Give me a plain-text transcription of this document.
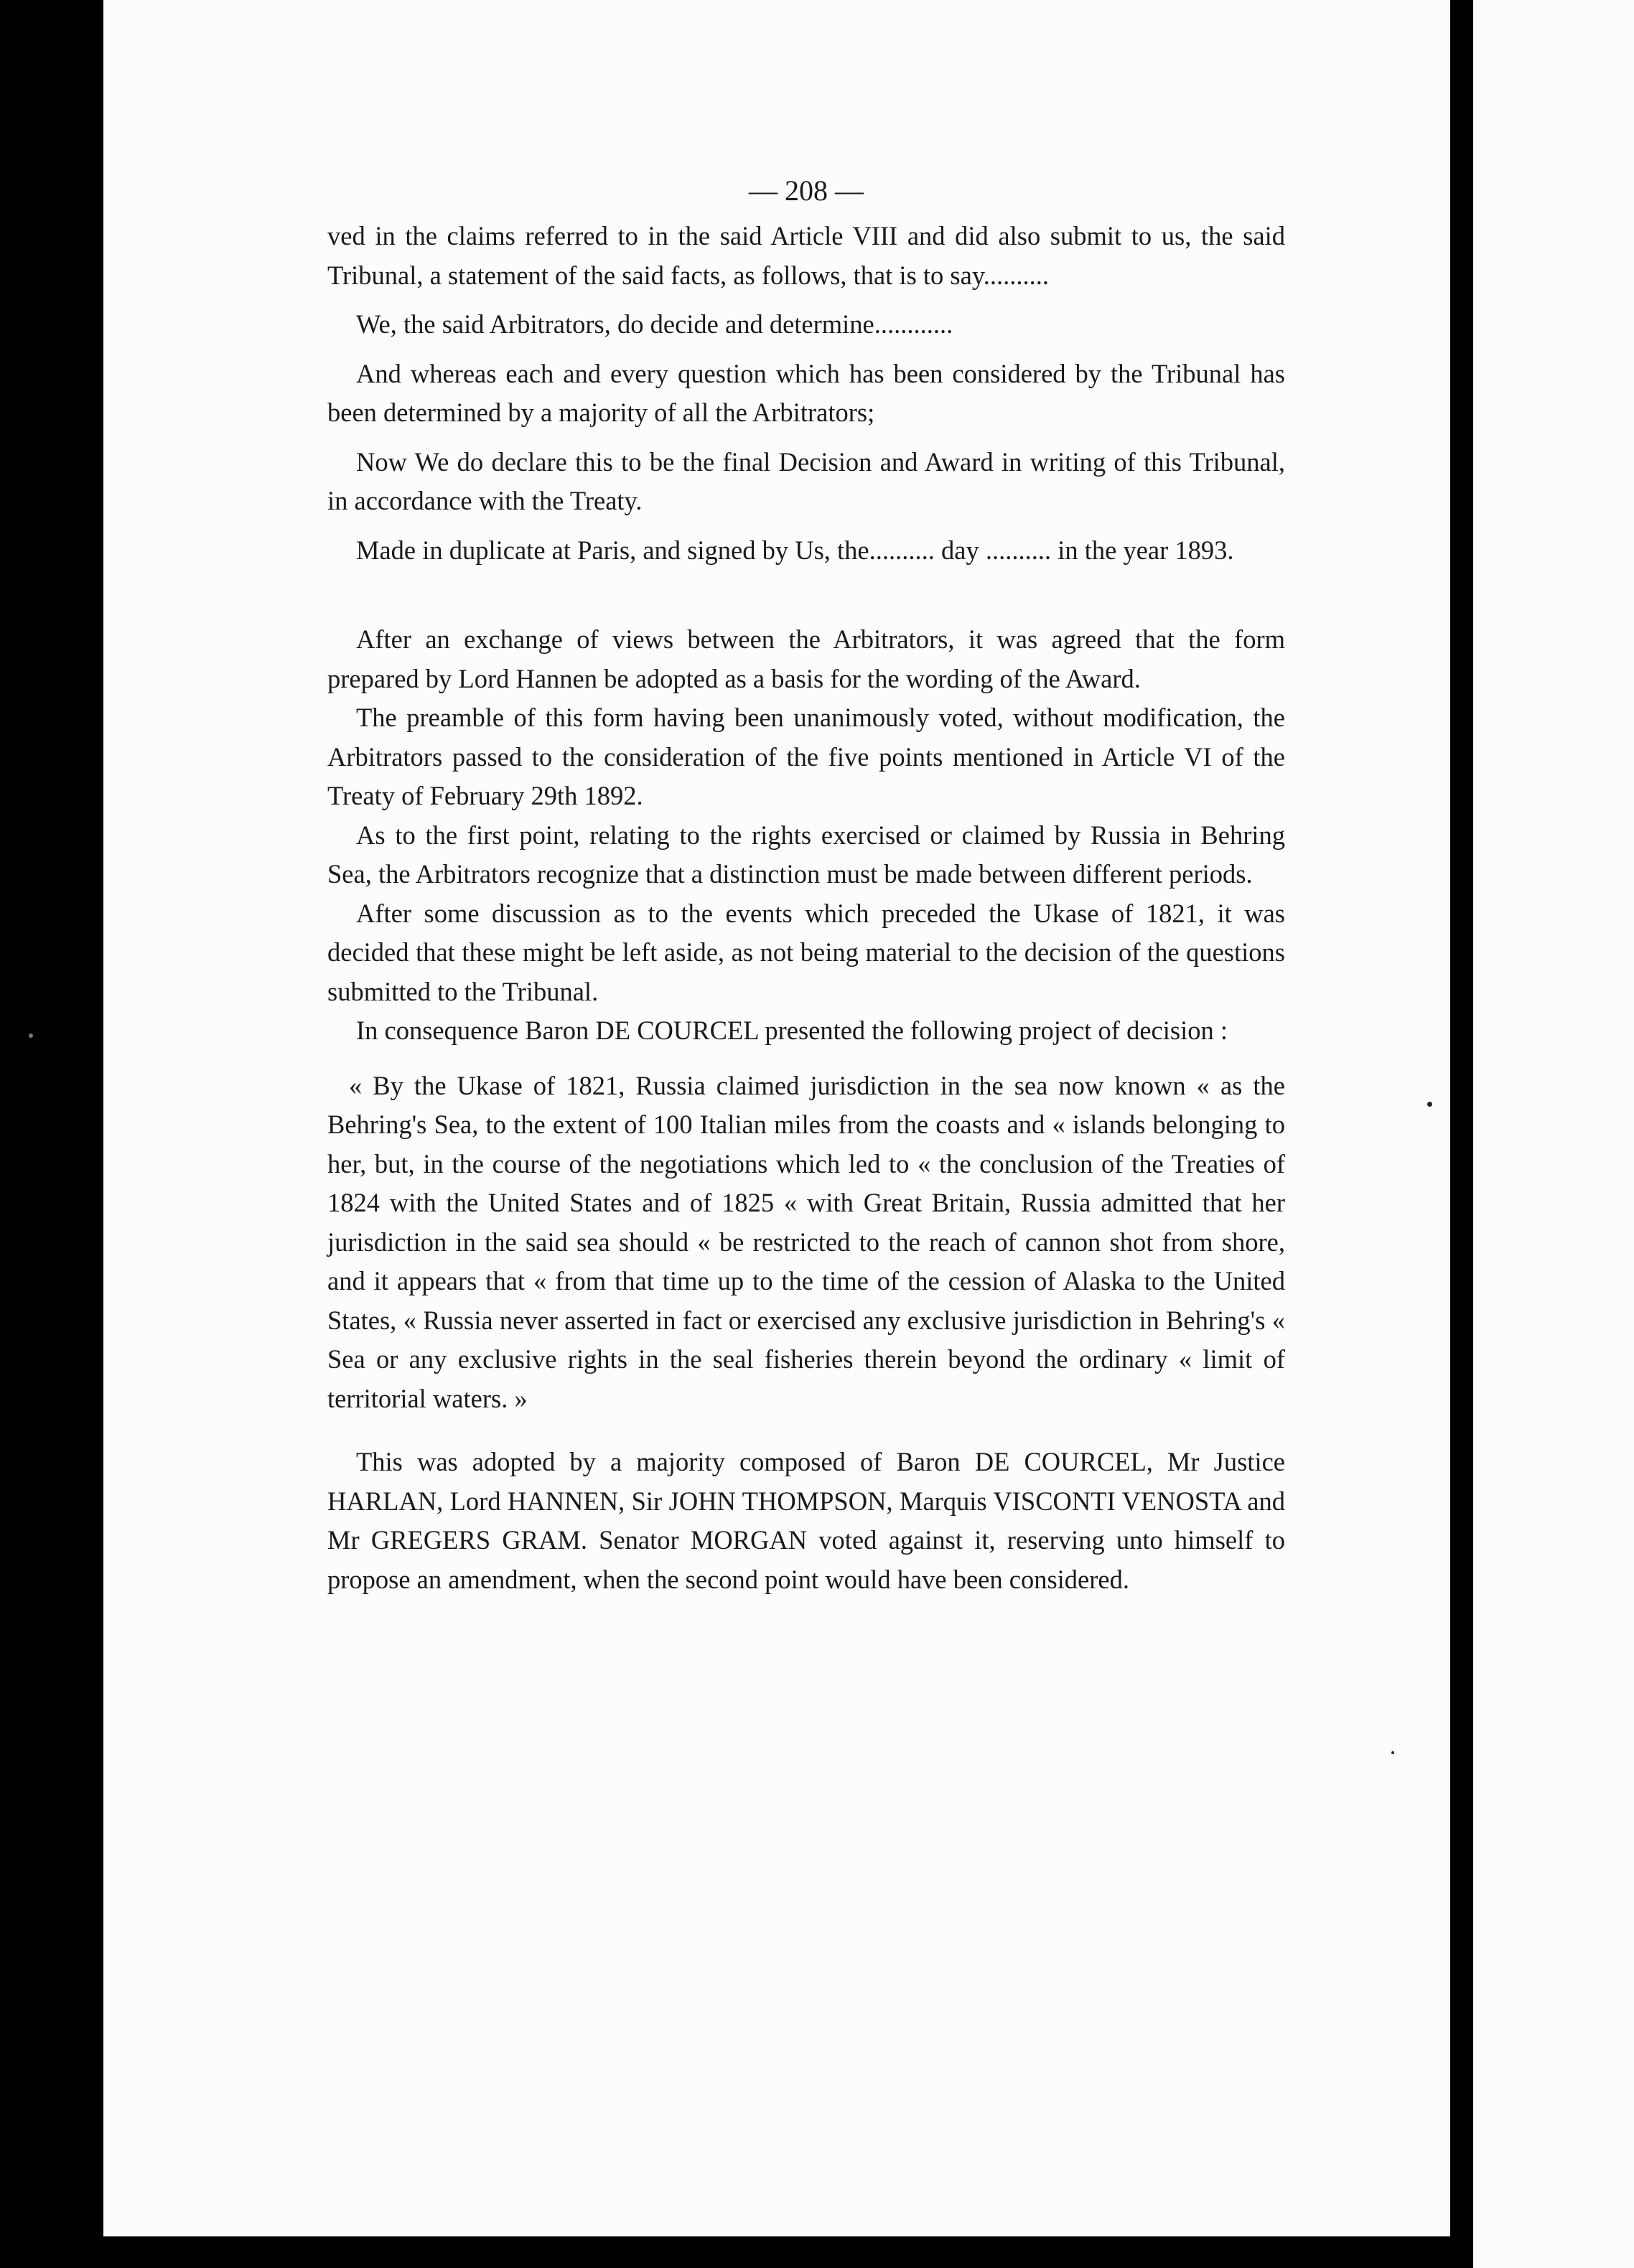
— 208 —

ved in the claims referred to in the said Article VIII and did also submit to us, the said Tribunal, a statement of the said facts, as follows, that is to say..........

We, the said Arbitrators, do decide and determine............

And whereas each and every question which has been considered by the Tribunal has been determined by a majority of all the Arbitrators;

Now We do declare this to be the final Decision and Award in writing of this Tribunal, in accordance with the Treaty.

Made in duplicate at Paris, and signed by Us, the.......... day .......... in the year 1893.

After an exchange of views between the Arbitrators, it was agreed that the form prepared by Lord Hannen be adopted as a basis for the wording of the Award.

The preamble of this form having been unanimously voted, without modification, the Arbitrators passed to the consideration of the five points mentioned in Article VI of the Treaty of February 29th 1892.

As to the first point, relating to the rights exercised or claimed by Russia in Behring Sea, the Arbitrators recognize that a distinction must be made between different periods.

After some discussion as to the events which preceded the Ukase of 1821, it was decided that these might be left aside, as not being material to the decision of the questions submitted to the Tribunal.

In consequence Baron DE COURCEL presented the following project of decision :

« By the Ukase of 1821, Russia claimed jurisdiction in the sea now known « as the Behring's Sea, to the extent of 100 Italian miles from the coasts and « islands belonging to her, but, in the course of the negotiations which led to « the conclusion of the Treaties of 1824 with the United States and of 1825 « with Great Britain, Russia admitted that her jurisdiction in the said sea should « be restricted to the reach of cannon shot from shore, and it appears that « from that time up to the time of the cession of Alaska to the United States, « Russia never asserted in fact or exercised any exclusive jurisdiction in Behring's « Sea or any exclusive rights in the seal fisheries therein beyond the ordinary « limit of territorial waters. »

This was adopted by a majority composed of Baron DE COURCEL, Mr Justice HARLAN, Lord HANNEN, Sir JOHN THOMPSON, Marquis VISCONTI VENOSTA and Mr GREGERS GRAM. Senator MORGAN voted against it, reserving unto himself to propose an amendment, when the second point would have been considered.
